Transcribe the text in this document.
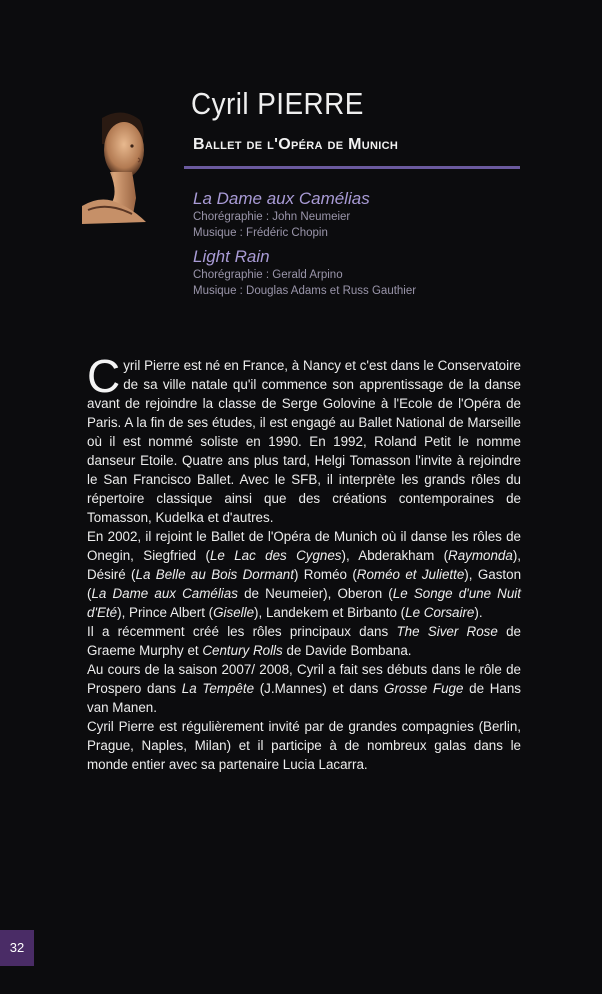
Cyril PIERRE
Ballet de l'Opéra de Munich
La Dame aux Camélias
Chorégraphie : John Neumeier
Musique : Frédéric Chopin
Light Rain
Chorégraphie : Gerald Arpino
Musique : Douglas Adams et Russ Gauthier

Cyril Pierre est né en France, à Nancy et c'est dans le Conservatoire de sa ville natale qu'il commence son apprentissage de la danse avant de rejoindre la classe de Serge Golovine à l'Ecole de l'Opéra de Paris. A la fin de ses études, il est engagé au Ballet National de Marseille où il est nommé soliste en 1990. En 1992, Roland Petit le nomme danseur Etoile. Quatre ans plus tard, Helgi Tomasson l'invite à rejoindre le San Francisco Ballet. Avec le SFB, il interprète les grands rôles du répertoire classique ainsi que des créations contemporaines de Tomasson, Kudelka et d'autres.

En 2002, il rejoint le Ballet de l'Opéra de Munich où il danse les rôles de Onegin, Siegfried (Le Lac des Cygnes), Abderakham (Raymonda), Désiré (La Belle au Bois Dormant) Roméo (Roméo et Juliette), Gaston (La Dame aux Camélias de Neumeier), Oberon (Le Songe d'une Nuit d'Eté), Prince Albert (Giselle), Landekem et Birbanto (Le Corsaire).

Il a récemment créé les rôles principaux dans The Siver Rose de Graeme Murphy et Century Rolls de Davide Bombana.

Au cours de la saison 2007/ 2008, Cyril a fait ses débuts dans le rôle de Prospero dans La Tempête (J.Mannes) et dans Grosse Fuge de Hans van Manen.

Cyril Pierre est régulièrement invité par de grandes compagnies (Berlin, Prague, Naples, Milan) et il participe à de nombreux galas dans le monde entier avec sa partenaire Lucia Lacarra.

32
